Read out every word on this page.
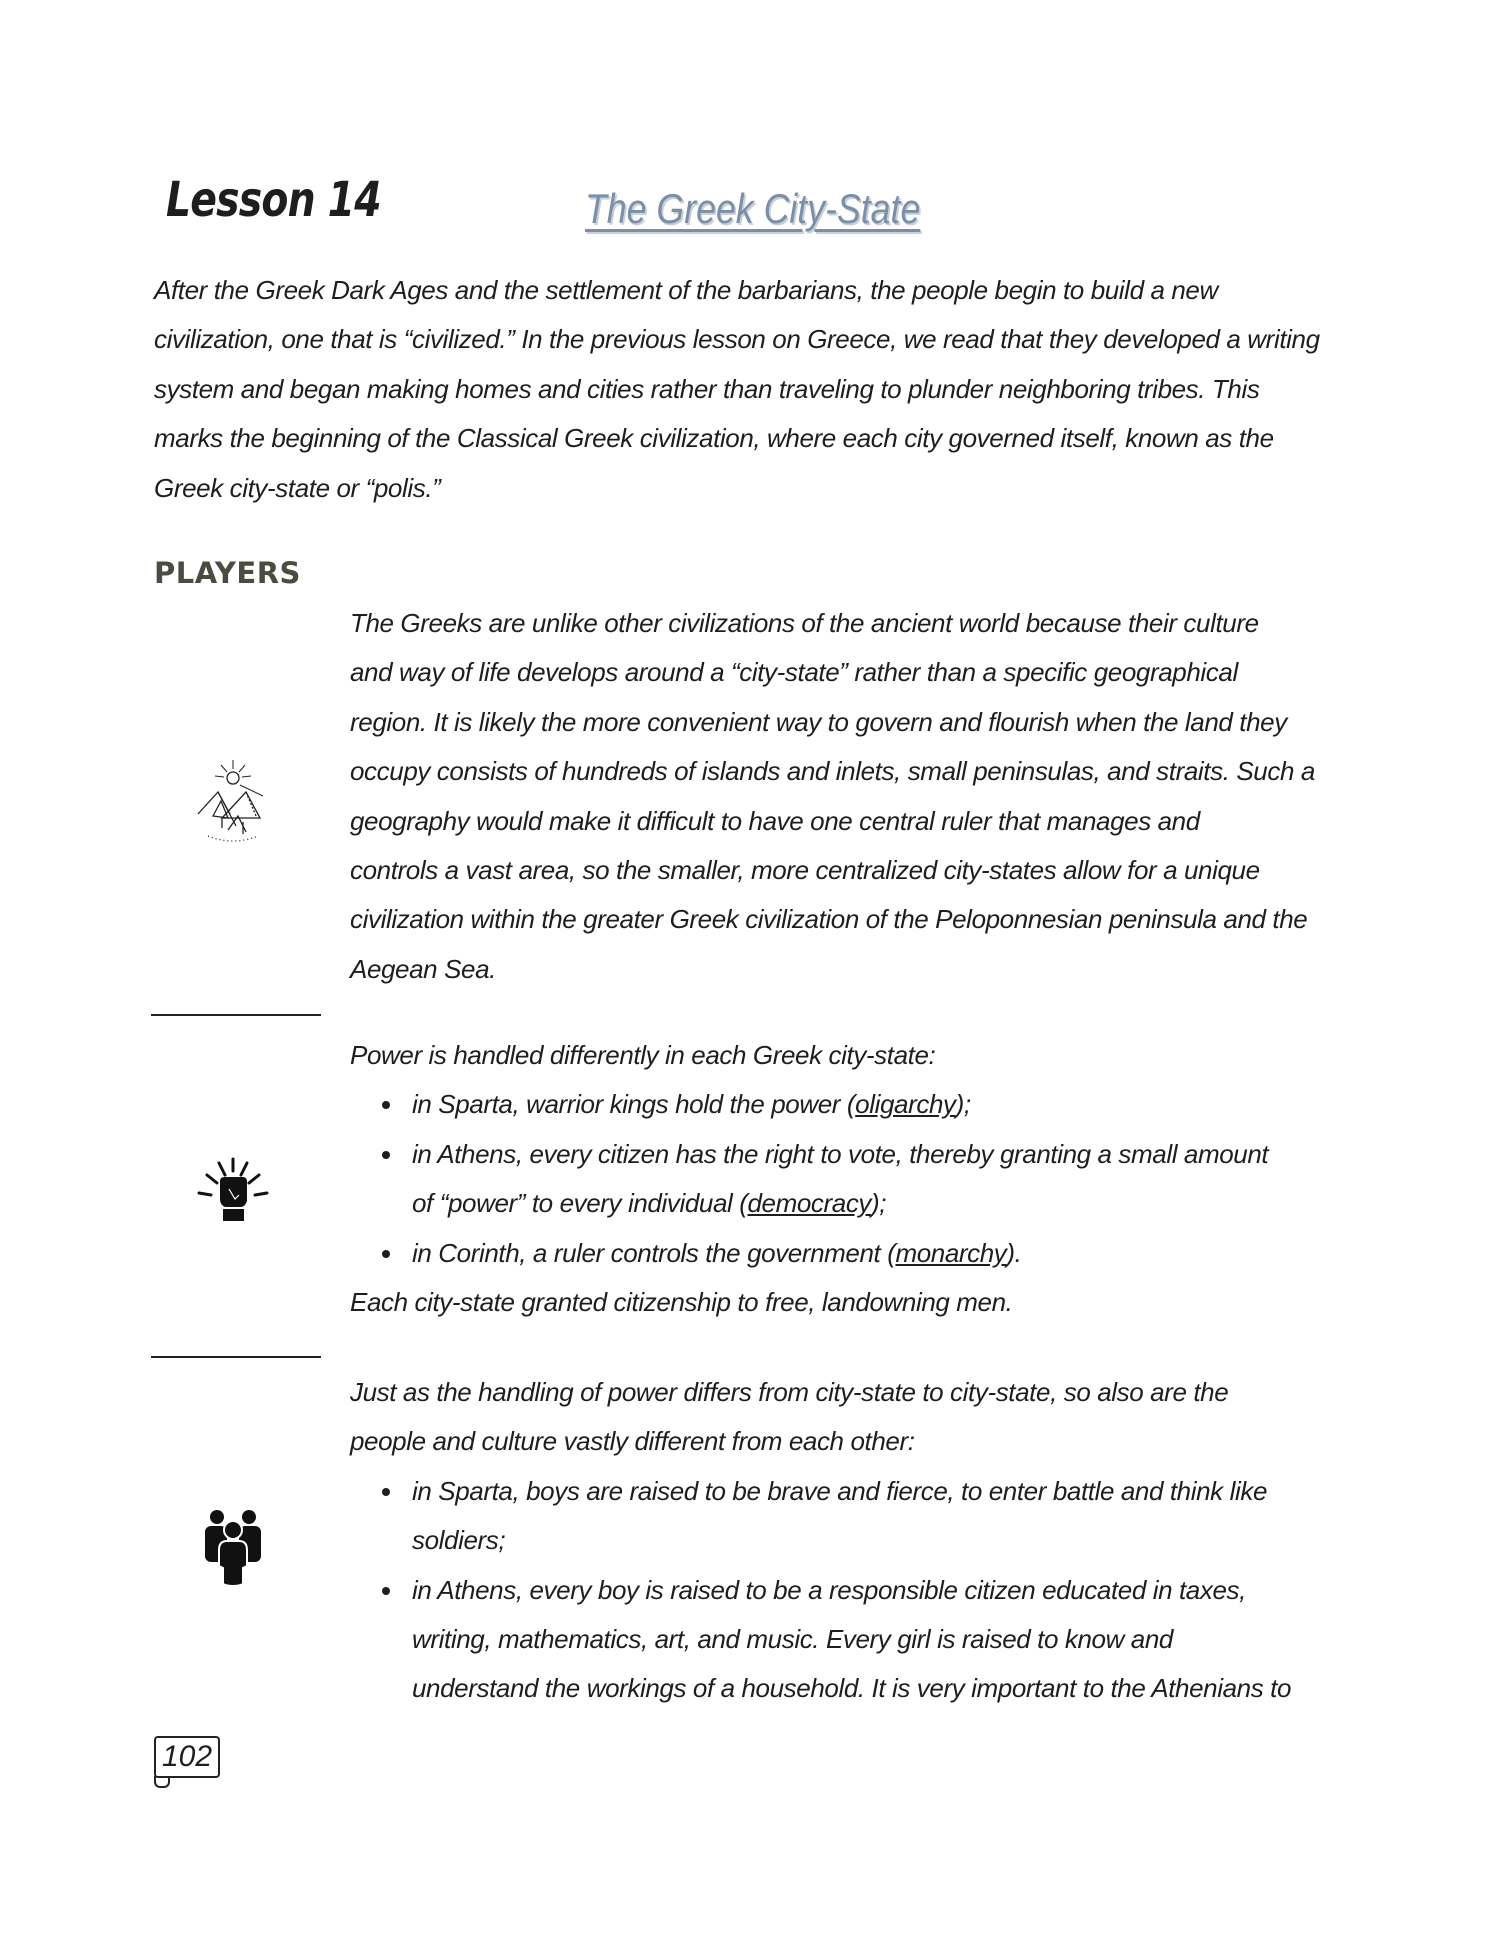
Lesson 14	The Greek City-State
After the Greek Dark Ages and the settlement of the barbarians, the people begin to build a new
civilization, one that is “civilized.” In the previous lesson on Greece, we read that they developed a writing
system and began making homes and cities rather than traveling to plunder neighboring tribes. This
marks the beginning of the Classical Greek civilization, where each city governed itself, known as the
Greek city-state or “polis.”
PLAYERS
The Greeks are unlike other civilizations of the ancient world because their culture
and way of life develops around a “city-state” rather than a specific geographical
region. It is likely the more convenient way to govern and flourish when the land they
occupy consists of hundreds of islands and inlets, small peninsulas, and straits. Such a
geography would make it difficult to have one central ruler that manages and
controls a vast area, so the smaller, more centralized city-states allow for a unique
civilization within the greater Greek civilization of the Peloponnesian peninsula and the
Aegean Sea.
Power is handled differently in each Greek city-state:
in Sparta, warrior kings hold the power (oligarchy);
in Athens, every citizen has the right to vote, thereby granting a small amount
of “power” to every individual (democracy);
in Corinth, a ruler controls the government (monarchy).
Each city-state granted citizenship to free, landowning men.
Just as the handling of power differs from city-state to city-state, so also are the
people and culture vastly different from each other:
in Sparta, boys are raised to be brave and fierce, to enter battle and think like
soldiers;
in Athens, every boy is raised to be a responsible citizen educated in taxes,
writing, mathematics, art, and music. Every girl is raised to know and
understand the workings of a household. It is very important to the Athenians to
102
